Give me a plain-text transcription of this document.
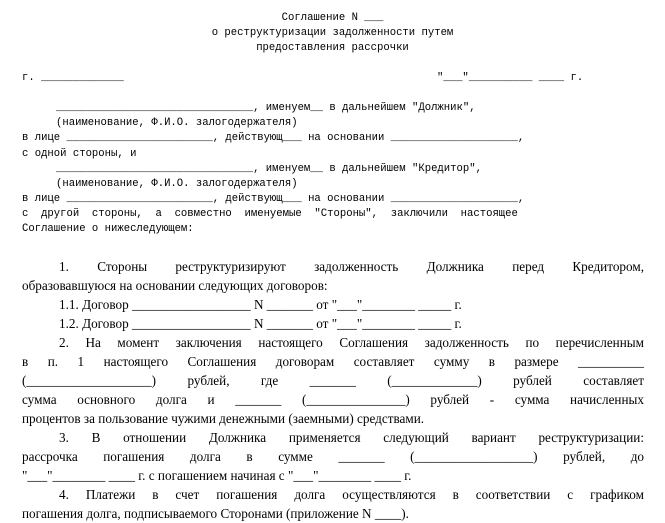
Соглашение N ___
о реструктуризации задолженности путем
предоставления рассрочки
г. _____________	"___"__________ ____ г.
_______________________________, именуем__ в дальнейшем "Должник",
(наименование, Ф.И.О. залогодержателя)
в лице _______________________, действующ___ на основании ____________________,
с одной стороны, и
_______________________________, именуем__ в дальнейшем "Кредитор",
(наименование, Ф.И.О. залогодержателя)
в лице _______________________, действующ___ на основании ____________________,
с  другой  стороны,  а  совместно  именуемые  "Стороны",  заключили  настоящее
Соглашение о нижеследующем:
1. Стороны реструктуризируют задолженность Должника перед Кредитором,
образовавшуюся на основании следующих договоров:
1.1. Договор __________________ N _______ от "___"________ _____ г.
1.2. Договор __________________ N _______ от "___"________ _____ г.
2. На момент заключения настоящего Соглашения задолженность по перечисленным
в п. 1 настоящего Соглашения договорам составляет сумму в размере __________
(___________________) рублей, где _______ (_____________) рублей составляет
сумма основного долга и _______ (_______________) рублей - сумма начисленных
процентов за пользование чужими денежными (заемными) средствами.
3. В отношении Должника применяется следующий вариант реструктуризации:
рассрочка погашения долга в сумме _______ (__________________) рублей, до
"___"________ ____ г. с погашением начиная с "___"________ ____ г.
4. Платежи в счет погашения долга осуществляются в соответствии с графиком
погашения долга, подписываемого Сторонами (приложение N ____).
